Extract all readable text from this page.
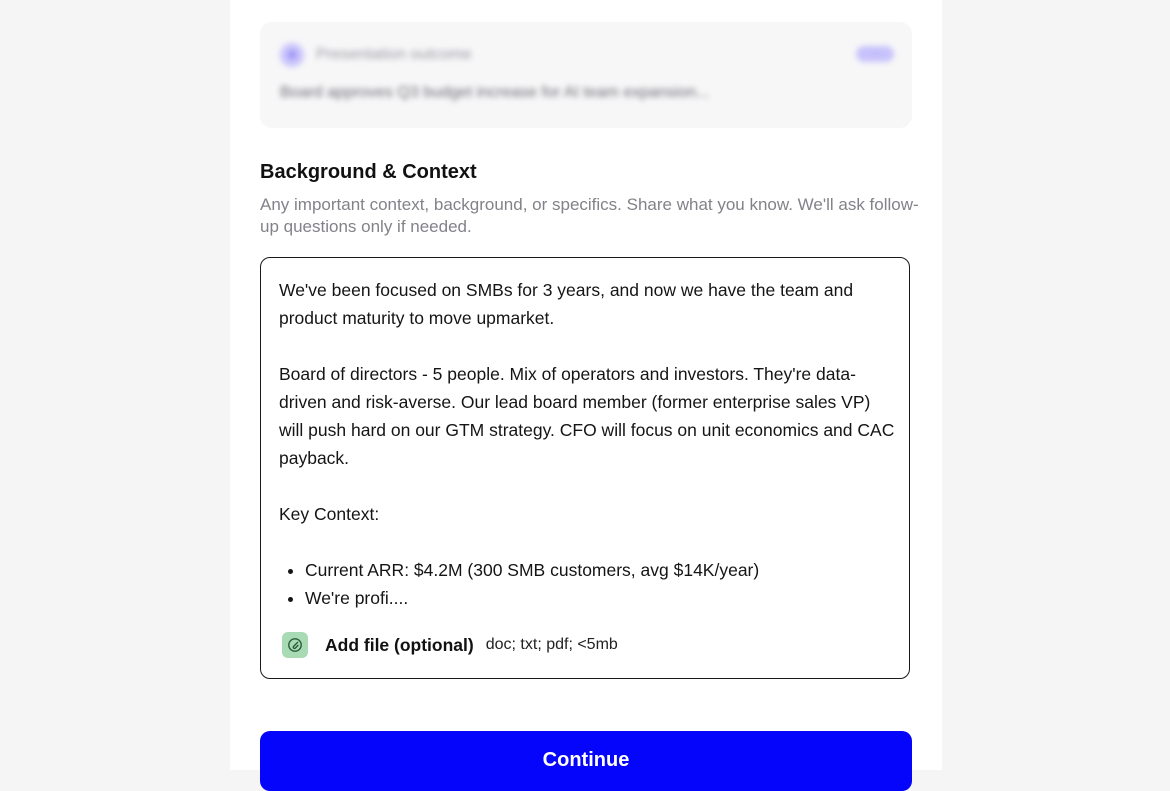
✲	Presentation outcome	···
Board approves Q3 budget increase for AI team expansion...
Background & Context

Any important context, background, or specifics. Share what you know. We'll ask follow-up questions only if needed.

We've been focused on SMBs for 3 years, and now we have the team and product maturity to move upmarket.

Board of directors - 5 people. Mix of operators and investors. They're data-driven and risk-averse. Our lead board member (former enterprise sales VP) will push hard on our GTM strategy. CFO will focus on unit economics and CAC payback.

Key Context:

• Current ARR: $4.2M (300 SMB customers, avg $14K/year)
• We're profi....
Add file (optional) doc; txt; pdf; <5mb
Continue
